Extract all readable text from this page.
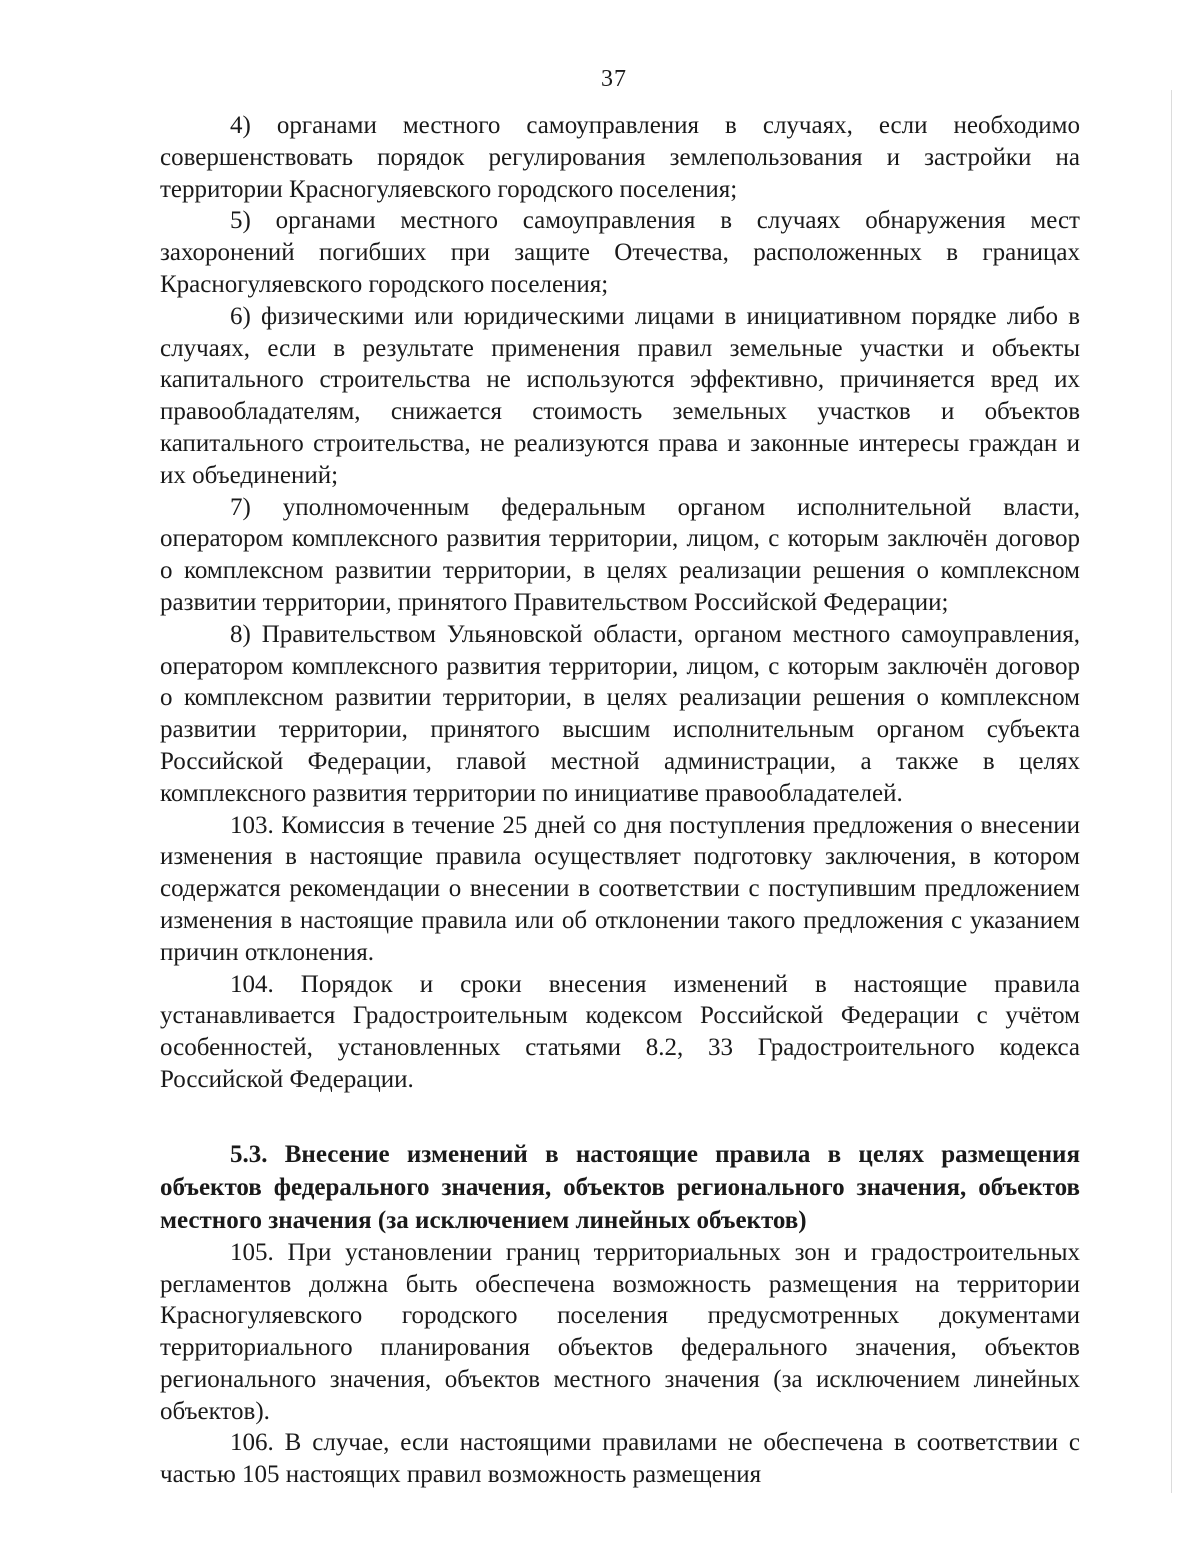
37

4) органами местного самоуправления в случаях, если необходимо совершенствовать порядок регулирования землепользования и застройки на территории Красногуляевского городского поселения;

5) органами местного самоуправления в случаях обнаружения мест захоронений погибших при защите Отечества, расположенных в границах Красногуляевского городского поселения;

6) физическими или юридическими лицами в инициативном порядке либо в случаях, если в результате применения правил земельные участки и объекты капитального строительства не используются эффективно, причиняется вред их правообладателям, снижается стоимость земельных участков и объектов капитального строительства, не реализуются права и законные интересы граждан и их объединений;

7) уполномоченным федеральным органом исполнительной власти, оператором комплексного развития территории, лицом, с которым заключён договор о комплексном развитии территории, в целях реализации решения о комплексном развитии территории, принятого Правительством Российской Федерации;

8) Правительством Ульяновской области, органом местного самоуправления, оператором комплексного развития территории, лицом, с которым заключён договор о комплексном развитии территории, в целях реализации решения о комплексном развитии территории, принятого высшим исполнительным органом субъекта Российской Федерации, главой местной администрации, а также в целях комплексного развития территории по инициативе правообладателей.

103. Комиссия в течение 25 дней со дня поступления предложения о внесении изменения в настоящие правила осуществляет подготовку заключения, в котором содержатся рекомендации о внесении в соответствии с поступившим предложением изменения в настоящие правила или об отклонении такого предложения с указанием причин отклонения.

104. Порядок и сроки внесения изменений в настоящие правила устанавливается Градостроительным кодексом Российской Федерации с учётом особенностей, установленных статьями 8.2, 33 Градостроительного кодекса Российской Федерации.

5.3. Внесение изменений в настоящие правила в целях размещения объектов федерального значения, объектов регионального значения, объектов местного значения (за исключением линейных объектов)

105. При установлении границ территориальных зон и градостроительных регламентов должна быть обеспечена возможность размещения на территории Красногуляевского городского поселения предусмотренных документами территориального планирования объектов федерального значения, объектов регионального значения, объектов местного значения (за исключением линейных объектов).

106. В случае, если настоящими правилами не обеспечена в соответствии с частью 105 настоящих правил возможность размещения
